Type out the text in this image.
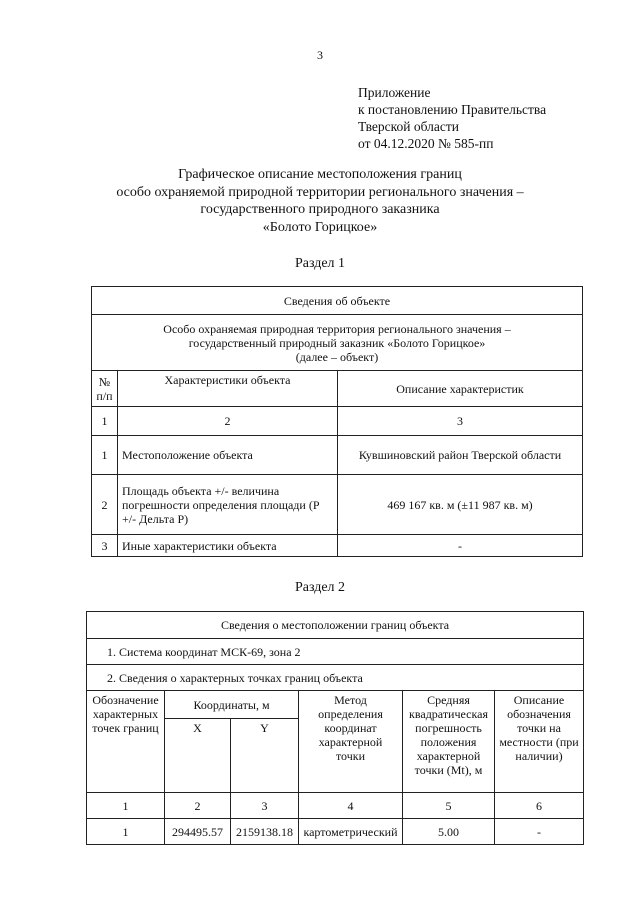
3
Приложение
к постановлению Правительства
Тверской области
от 04.12.2020 № 585-пп
Графическое описание местоположения границ
особо охраняемой природной территории регионального значения –
государственного природного заказника
«Болото Горицкое»
Раздел 1
Сведения об объекте		

Особо охраняемая природная территория регионального значения –
государственный природный заказник «Болото Горицкое»
(далее – объект)		

№ п/п	Характеристики объекта	Описание характеристик
1	2	3
1	Местоположение объекта	Кувшиновский район Тверской области
2	Площадь объекта +/- величина погрешности определения площади (P +/- Дельта P)	469 167 кв. м (±11 987 кв. м)
3	Иные характеристики объекта	-
Раздел 2
Сведения о местоположении границ объекта					
1. Система координат МСК-69, зона 2					
2. Сведения о характерных точках границ объекта					
Обозначение характерных точек границ	Координаты, м		Метод определения координат характерной точки	Средняя квадратическая погрешность положения характерной точки (Mt), м	Описание обозначения точки на местности (при наличии)
	X	Y			
1	2	3	4	5	6
1	294495.57	2159138.18	картометрический	5.00	-
